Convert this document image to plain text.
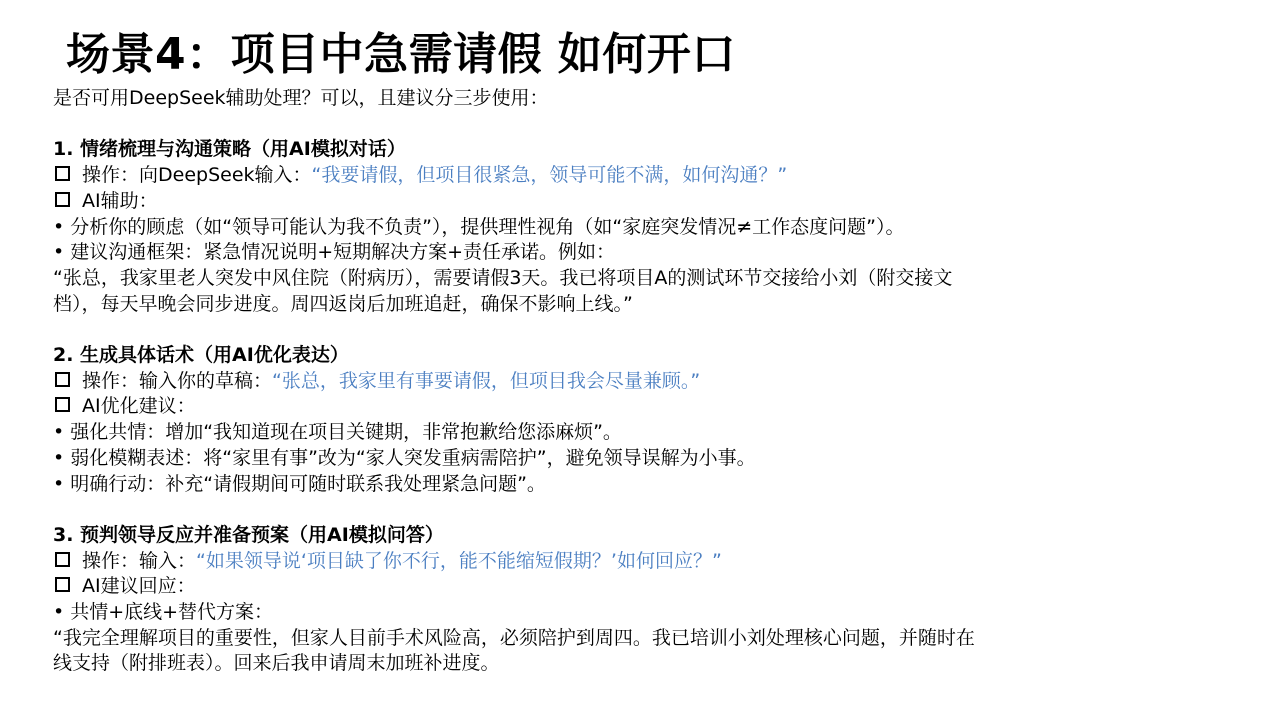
场景4：项目中急需请假 如何开口
是否可用DeepSeek辅助处理？可以，且建议分三步使用：
1. 情绪梳理与沟通策略（用AI模拟对话）
操作：向DeepSeek输入：“我要请假，但项目很紧急，领导可能不满，如何沟通？”
AI辅助：
• 分析你的顾虑（如“领导可能认为我不负责”），提供理性视角（如“家庭突发情况≠工作态度问题”）。
• 建议沟通框架：紧急情况说明+短期解决方案+责任承诺。例如：
“张总，我家里老人突发中风住院（附病历），需要请假3天。我已将项目A的测试环节交接给小刘（附交接文
档），每天早晚会同步进度。周四返岗后加班追赶，确保不影响上线。”
2. 生成具体话术（用AI优化表达）
操作：输入你的草稿：“张总，我家里有事要请假，但项目我会尽量兼顾。”
AI优化建议：
• 强化共情：增加“我知道现在项目关键期，非常抱歉给您添麻烦”。
• 弱化模糊表述：将“家里有事”改为“家人突发重病需陪护”，避免领导误解为小事。
• 明确行动：补充“请假期间可随时联系我处理紧急问题”。
3. 预判领导反应并准备预案（用AI模拟问答）
操作：输入：“如果领导说‘项目缺了你不行，能不能缩短假期？’如何回应？”
AI建议回应：
• 共情+底线+替代方案：
“我完全理解项目的重要性，但家人目前手术风险高，必须陪护到周四。我已培训小刘处理核心问题，并随时在
线支持（附排班表）。回来后我申请周末加班补进度。
